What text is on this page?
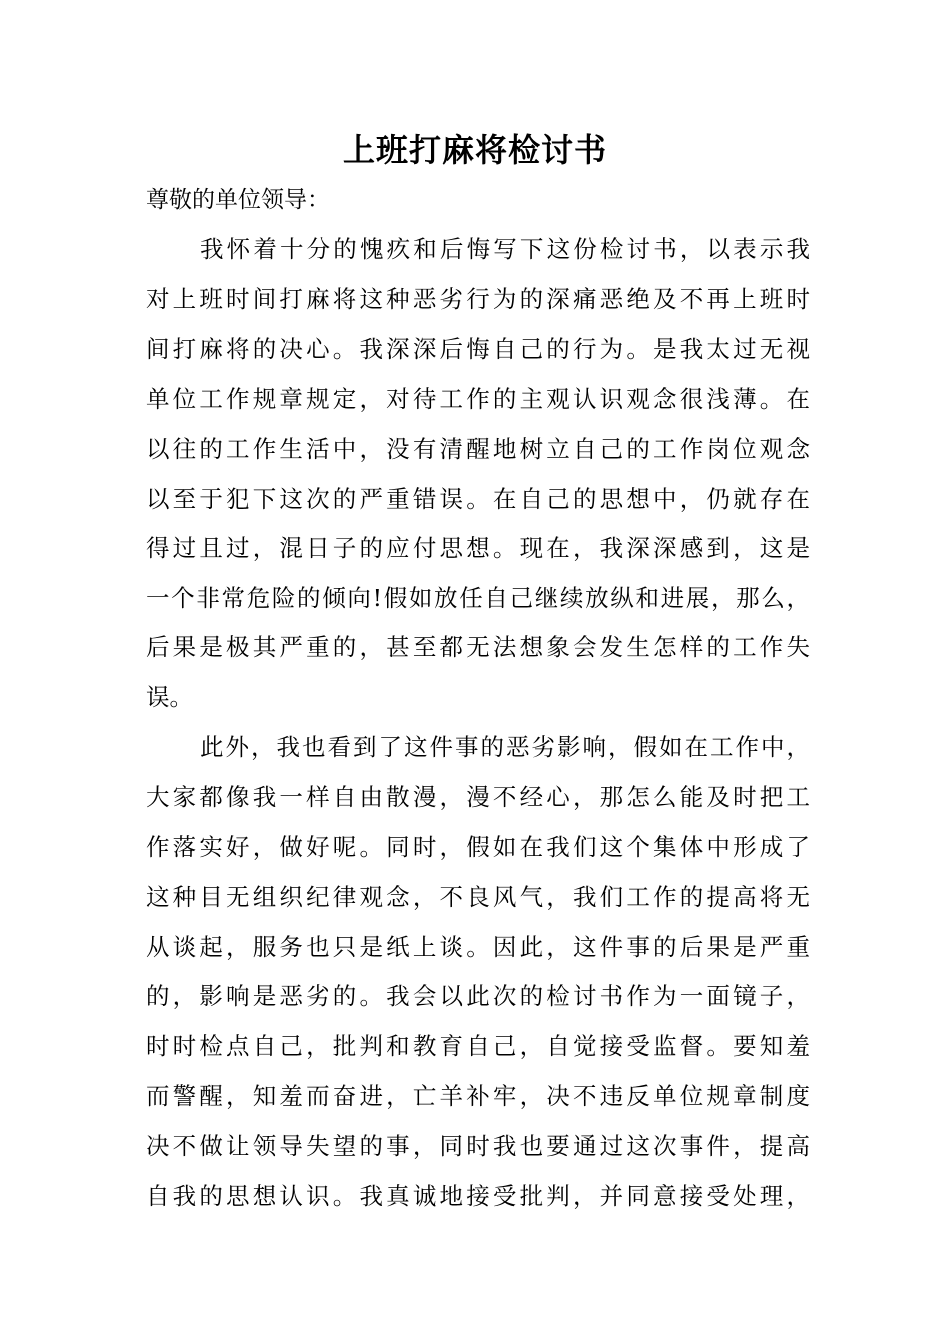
上班打麻将检讨书
尊敬的单位领导：
我怀着十分的愧疚和后悔写下这份检讨书，以表示我
对上班时间打麻将这种恶劣行为的深痛恶绝及不再上班时
间打麻将的决心。我深深后悔自己的行为。是我太过无视
单位工作规章规定，对待工作的主观认识观念很浅薄。在
以往的工作生活中，没有清醒地树立自己的工作岗位观念
以至于犯下这次的严重错误。在自己的思想中，仍就存在
得过且过，混日子的应付思想。现在，我深深感到，这是
一个非常危险的倾向!假如放任自己继续放纵和进展，那么，
后果是极其严重的，甚至都无法想象会发生怎样的工作失
误。
此外，我也看到了这件事的恶劣影响，假如在工作中，
大家都像我一样自由散漫，漫不经心，那怎么能及时把工
作落实好，做好呢。同时，假如在我们这个集体中形成了
这种目无组织纪律观念，不良风气，我们工作的提高将无
从谈起，服务也只是纸上谈。因此，这件事的后果是严重
的，影响是恶劣的。我会以此次的检讨书作为一面镜子，
时时检点自己，批判和教育自己，自觉接受监督。要知羞
而警醒，知羞而奋进，亡羊补牢，决不违反单位规章制度
决不做让领导失望的事，同时我也要通过这次事件，提高
自我的思想认识。我真诚地接受批判，并同意接受处理，
